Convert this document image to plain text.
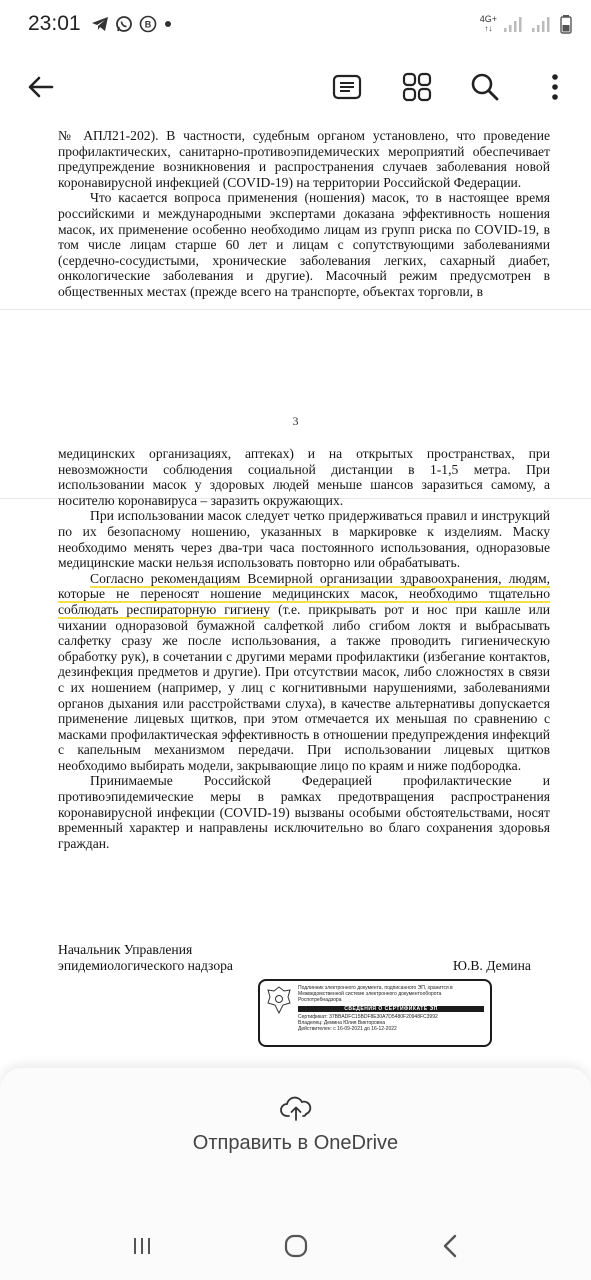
23:01	B
4G+
↑↓

№ АПЛ21-202). В частности, судебным органом установлено, что проведение профилактических, санитарно-противоэпидемических мероприятий обеспечивает предупреждение возникновения и распространения случаев заболевания новой коронавирусной инфекцией (COVID-19) на территории Российской Федерации.

Что касается вопроса применения (ношения) масок, то в настоящее время российскими и международными экспертами доказана эффективность ношения масок, их применение особенно необходимо лицам из групп риска по COVID-19, в том числе лицам старше 60 лет и лицам с сопутствующими заболеваниями (сердечно-сосудистыми, хронические заболевания легких, сахарный диабет, онкологические заболевания и другие). Масочный режим предусмотрен в общественных местах (прежде всего на транспорте, объектах торговли, в

3

медицинских организациях, аптеках) и на открытых пространствах, при невозможности соблюдения социальной дистанции в 1-1,5 метра. При использовании масок у здоровых людей меньше шансов заразиться самому, а носителю коронавируса – заразить окружающих.

При использовании масок следует четко придерживаться правил и инструкций по их безопасному ношению, указанных в маркировке к изделиям. Маску необходимо менять через два-три часа постоянного использования, одноразовые медицинские маски нельзя использовать повторно или обрабатывать.

Согласно рекомендациям Всемирной организации здравоохранения, людям, которые не переносят ношение медицинских масок, необходимо тщательно соблюдать респираторную гигиену (т.е. прикрывать рот и нос при кашле или чихании одноразовой бумажной салфеткой либо сгибом локтя и выбрасывать салфетку сразу же после использования, а также проводить гигиеническую обработку рук), в сочетании с другими мерами профилактики (избегание контактов, дезинфекция предметов и другие). При отсутствии масок, либо сложностях в связи с их ношением (например, у лиц с когнитивными нарушениями, заболеваниями органов дыхания или расстройствами слуха), в качестве альтернативы допускается применение лицевых щитков, при этом отмечается их меньшая по сравнению с масками профилактическая эффективность в отношении предупреждения инфекций с капельным механизмом передачи. При использовании лицевых щитков необходимо выбирать модели, закрывающие лицо по краям и ниже подбородка.

Принимаемые Российской Федерацией профилактические и противоэпидемические меры в рамках предотвращения распространения коронавирусной инфекции (COVID-19) вызваны особыми обстоятельствами, носят временный характер и направлены исключительно во благо сохранения здоровья граждан.

Начальник Управления
эпидемиологического надзора	Ю.В. Демина
Подлинник электронного документа, подписанного ЭП, хранится в Межведомственной системе электронного документооборота Роспотребнадзора
СВЕДЕНИЯ О СЕРТИФИКАТЕ ЭП
Сертификат: 37BBADFC15BDF8E30A7D5480F20948FC3992
Владелец: Демина Юлия Викторовна
Действителен: с 16-09-2021 до 16-12-2022
Отправить в OneDrive
